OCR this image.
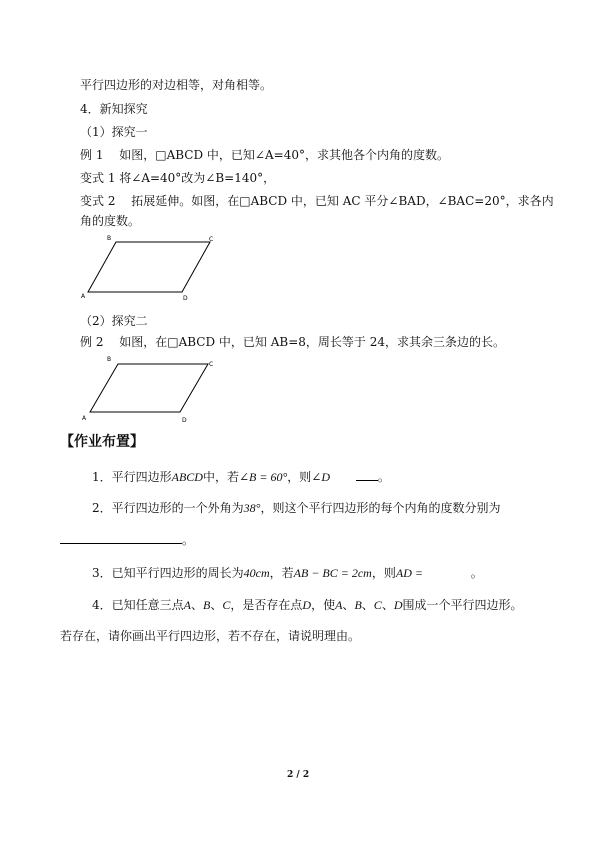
平行四边形的对边相等，对角相等。
4．新知探究
（1）探究一
例 1　 如图，□ABCD 中，已知∠A=40°，求其他各个内角的度数。
变式 1 将∠A=40°改为∠B=140°，
变式 2　 拓展延伸。如图，在□ABCD 中，已知 AC 平分∠BAD，∠BAC=20°，求各内
角的度数。
A
B	C
D
（2）探究二
例 2　 如图，在□ABCD 中，已知 AB=8，周长等于 24，求其余三条边的长。
A
B
C
D
【作业布置】
1．平行四边形ABCD中，若∠B = 60°，则∠D	。
2．平行四边形的一个外角为38°，则这个平行四边形的每个内角的度数分别为
。
3．已知平行四边形的周长为40cm，若AB − BC = 2cm，则AD =	。
4．已知任意三点A、B、C，是否存在点D，使A、B、C、D围成一个平行四边形。
若存在，请你画出平行四边形，若不存在，请说明理由。
2 / 2
